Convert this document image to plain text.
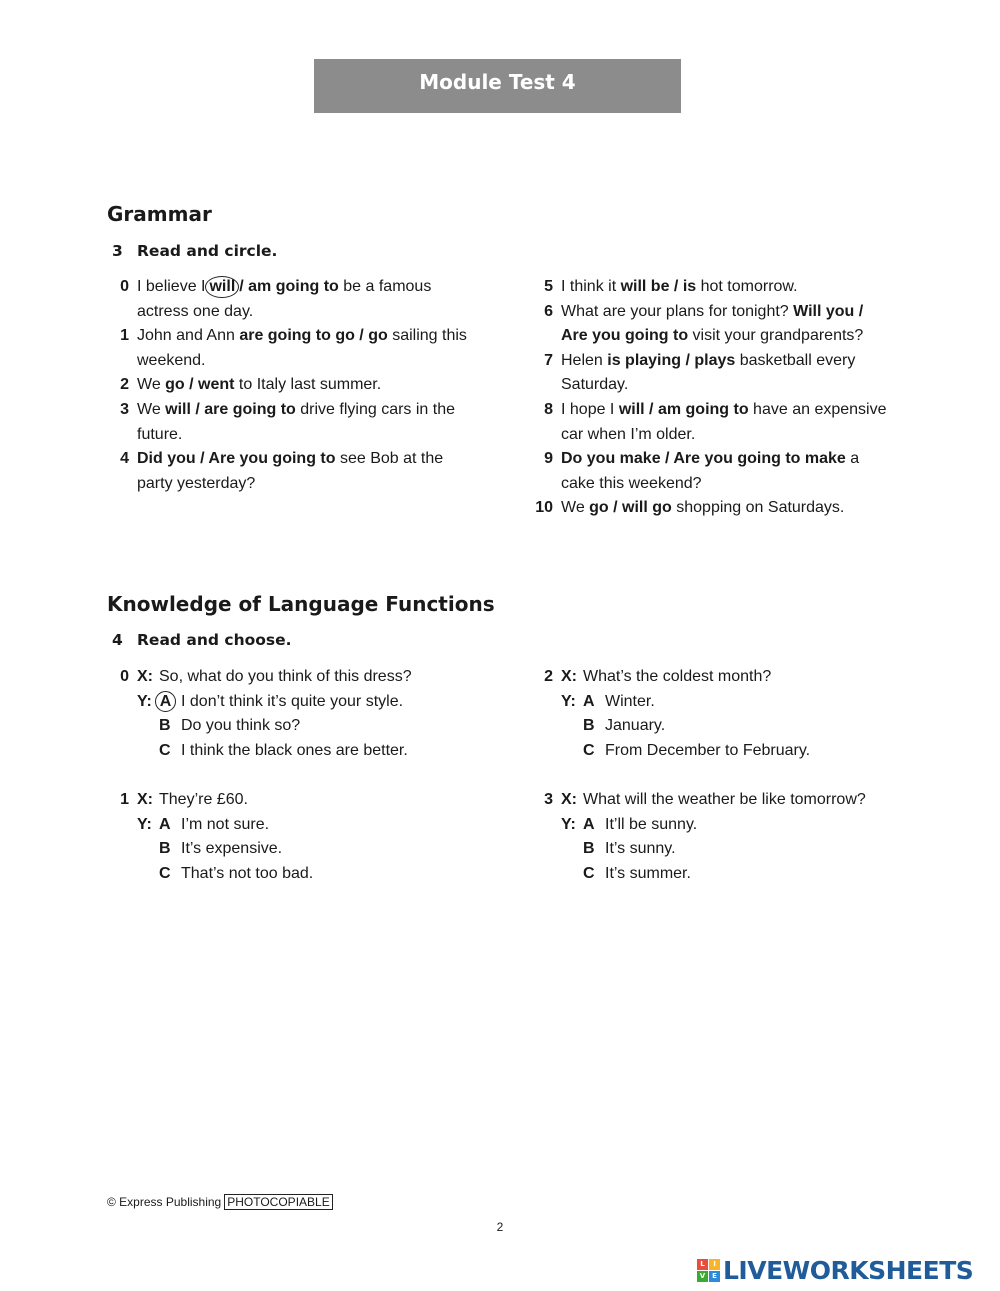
Module Test 4
Grammar
3 Read and circle.
0 I believe I will / am going to be a famous actress one day.
1 John and Ann are going to go / go sailing this weekend.
2 We go / went to Italy last summer.
3 We will / are going to drive flying cars in the future.
4 Did you / Are you going to see Bob at the party yesterday?
5 I think it will be / is hot tomorrow.
6 What are your plans for tonight? Will you / Are you going to visit your grandparents?
7 Helen is playing / plays basketball every Saturday.
8 I hope I will / am going to have an expensive car when I’m older.
9 Do you make / Are you going to make a cake this weekend?
10 We go / will go shopping on Saturdays.
Knowledge of Language Functions
4 Read and choose.
0 X: So, what do you think of this dress?
Y: A I don’t think it’s quite your style.
B Do you think so?
C I think the black ones are better.
1 X: They’re £60.
Y: A I’m not sure.
B It’s expensive.
C That’s not too bad.
2 X: What’s the coldest month?
Y: A Winter.
B January.
C From December to February.
3 X: What will the weather be like tomorrow?
Y: A It’ll be sunny.
B It’s sunny.
C It’s summer.
© Express Publishing PHOTOCOPIABLE
2
L	I
V E LIVEWORKSHEETS
